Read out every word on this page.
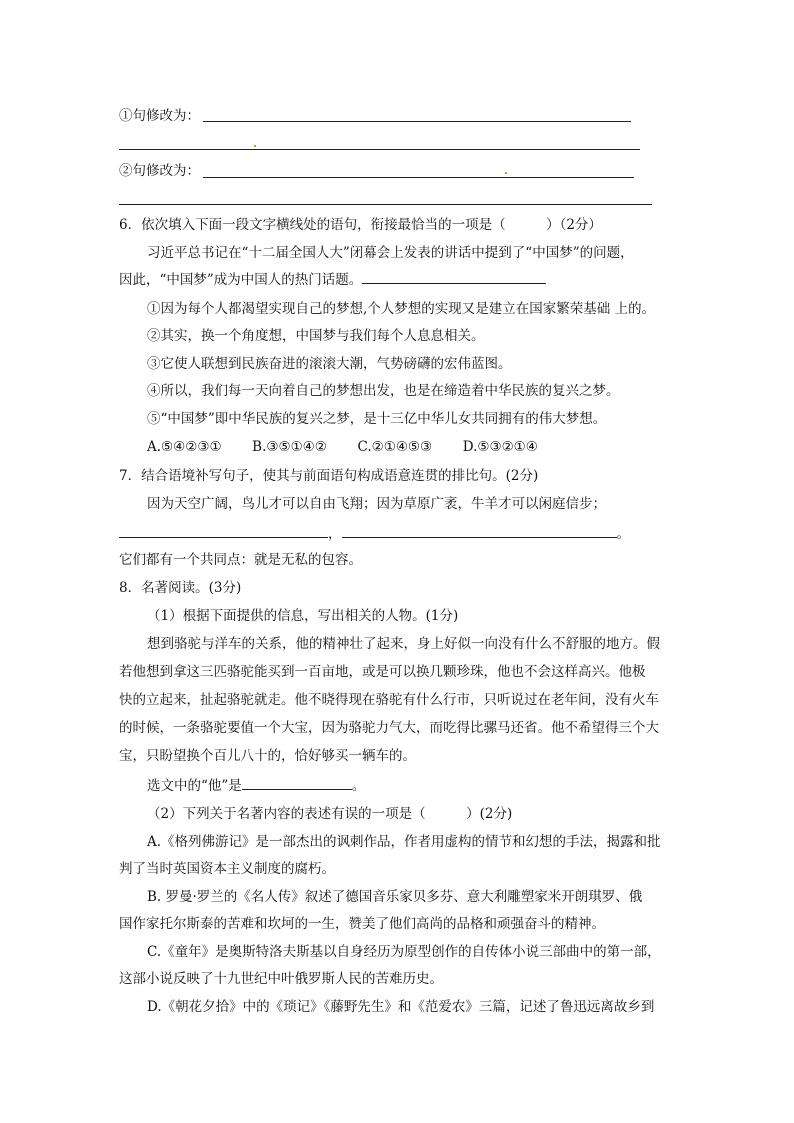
①句修改为：
②句修改为：
6．依次填入下面一段文字横线处的语句，衔接最恰当的一项是（　　　）（2分）
习近平总书记在“十二届全国人大”闭幕会上发表的讲话中提到了“中国梦”的问题，
因此，“中国梦”成为中国人的热门话题。
①因为每个人都渴望实现自己的梦想,个人梦想的实现又是建立在国家繁荣基础 上的。
②其实，换一个角度想，中国梦与我们每个人息息相关。
③它使人联想到民族奋进的滚滚大潮，气势磅礴的宏伟蓝图。
④所以，我们每一天向着自己的梦想出发，也是在缔造着中华民族的复兴之梦。
⑤“中国梦”即中华民族的复兴之梦，是十三亿中华儿女共同拥有的伟大梦想。
A.⑤④②③① B.③⑤①④② C.②①④⑤③ D.⑤③②①④
7．结合语境补写句子，使其与前面语句构成语意连贯的排比句。(2分)
因为天空广阔，鸟儿才可以自由飞翔；因为草原广袤，牛羊才可以闲庭信步；
，	。
它们都有一个共同点：就是无私的包容。
8．名著阅读。(3分)
（1）根据下面提供的信息，写出相关的人物。(1分)
想到骆驼与洋车的关系，他的精神壮了起来，身上好似一向没有什么不舒服的地方。假
若他想到拿这三匹骆驼能买到一百亩地，或是可以换几颗珍珠，他也不会这样高兴。他极
快的立起来，扯起骆驼就走。他不晓得现在骆驼有什么行市，只听说过在老年间，没有火车
的时候，一条骆驼要值一个大宝，因为骆驼力气大，而吃得比骡马还省。他不希望得三个大
宝，只盼望换个百儿八十的，恰好够买一辆车的。
选文中的“他”是	。
（2）下列关于名著内容的表述有误的一项是（　　　）(2分)
A.《格列佛游记》是一部杰出的讽刺作品，作者用虚构的情节和幻想的手法，揭露和批
判了当时英国资本主义制度的腐朽。
B. 罗曼·罗兰的《名人传》叙述了德国音乐家贝多芬、意大利雕塑家米开朗琪罗、俄
国作家托尔斯泰的苦难和坎坷的一生，赞美了他们高尚的品格和顽强奋斗的精神。
C.《童年》是奥斯特洛夫斯基以自身经历为原型创作的自传体小说三部曲中的第一部，
这部小说反映了十九世纪中叶俄罗斯人民的苦难历史。
D.《朝花夕拾》中的《琐记》《藤野先生》和《范爱农》三篇，记述了鲁迅远离故乡到
